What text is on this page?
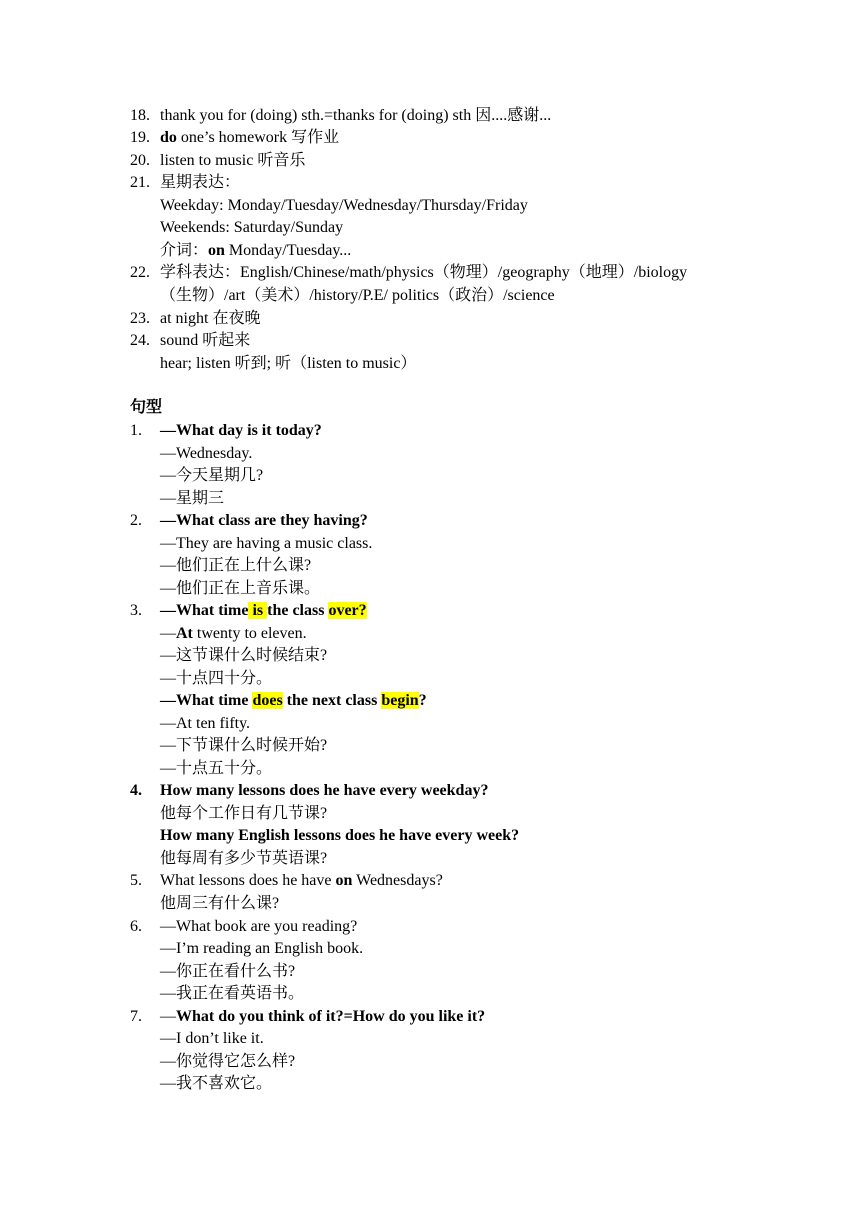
18. thank you for (doing) sth.=thanks for (doing) sth 因....感谢...
19. do one’s homework 写作业
20. listen to music 听音乐
21. 星期表达：
Weekday: Monday/Tuesday/Wednesday/Thursday/Friday
Weekends: Saturday/Sunday
介词：on Monday/Tuesday...
22. 学科表达：English/Chinese/math/physics（物理）/geography（地理）/biology
（生物）/art（美术）/history/P.E/ politics（政治）/science
23. at night 在夜晚
24. sound 听起来
hear; listen 听到; 听（listen to music）
句型
1.	—What day is it today?
—Wednesday.
—今天星期几?
—星期三
2.	—What class are they having?
—They are having a music class.
—他们正在上什么课?
—他们正在上音乐课。
3.	—What time is the class over?
—At twenty to eleven.
—这节课什么时候结束?
—十点四十分。
—What time does the next class begin?
—At ten fifty.
—下节课什么时候开始?
—十点五十分。
4.	How many lessons does he have every weekday?
他每个工作日有几节课?
How many English lessons does he have every week?
他每周有多少节英语课?
5.	What lessons does he have on Wednesdays?
他周三有什么课?
6.	—What book are you reading?
—I’m reading an English book.
—你正在看什么书?
—我正在看英语书。
7.	—What do you think of it?=How do you like it?
—I don’t like it.
—你觉得它怎么样?
—我不喜欢它。
